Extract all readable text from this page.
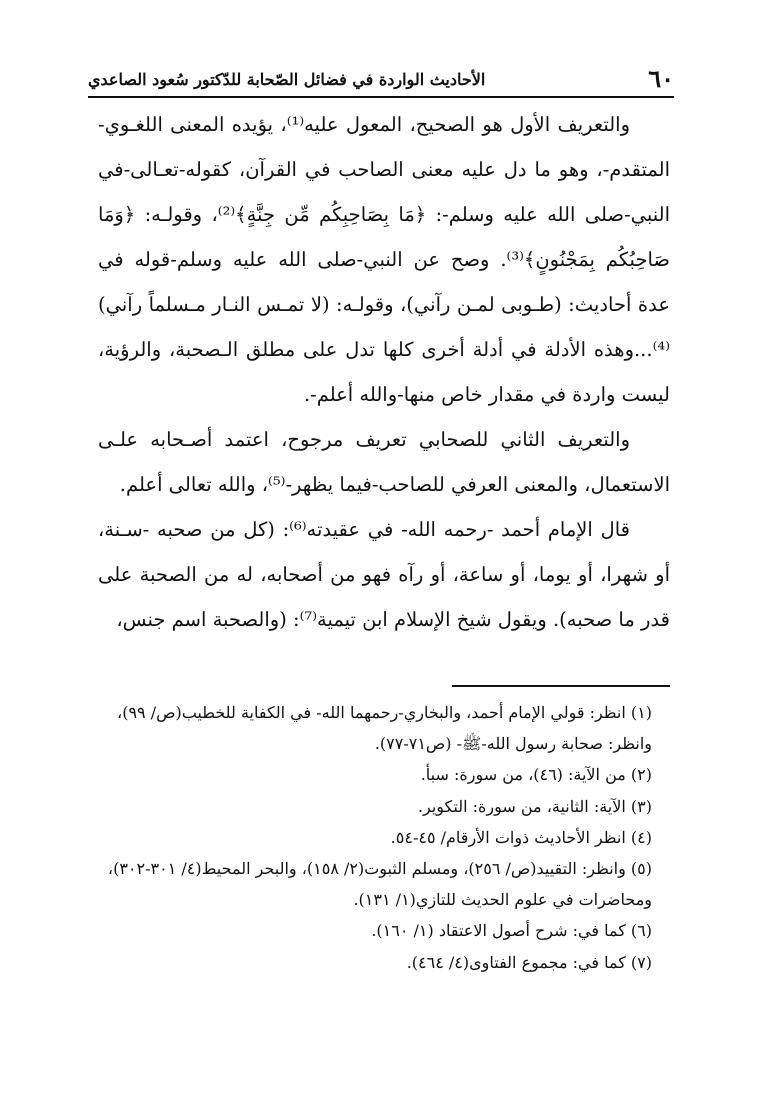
٦٠
الأحاديث الواردة في فضائل الصّحابة للدّكتور سُعود الصاعدي

والتعريف الأول هو الصحيح، المعول عليه⁽¹⁾، يؤيده المعنى اللغـوي- المتقدم-، وهو ما دل عليه معنى الصاحب في القرآن، كقوله-تعـالى-في النبي-صلى الله عليه وسلم-: ﴿مَا بِصَاحِبِكُم مِّن جِنَّةٍ﴾⁽²⁾، وقولـه: ﴿وَمَا صَاحِبُكُم بِمَجْنُونٍ﴾⁽³⁾. وصح عن النبي-صلى الله عليه وسلم-قوله في عدة أحاديث: (طـوبى لمـن رآني)، وقولـه: (لا تمـس النـار مـسلماً رآني)⁽⁴⁾...وهذه الأدلة في أدلة أخرى كلها تدل على مطلق الـصحبة، والرؤية، ليست واردة في مقدار خاص منها-والله أعلم-.

والتعريف الثاني للصحابي تعريف مرجوح، اعتمد أصـحابه علـى الاستعمال، والمعنى العرفي للصاحب-فيما يظهر-⁽⁵⁾، والله تعالى أعلم.

قال الإمام أحمد -رحمه الله- في عقيدته⁽⁶⁾: (كل من صحبه -سـنة، أو شهرا، أو يوما، أو ساعة، أو رآه فهو من أصحابه، له من الصحبة على قدر ما صحبه). ويقول شيخ الإسلام ابن تيمية⁽⁷⁾: (والصحبة اسم جنس،

(١) انظر: قولي الإمام أحمد، والبخاري-رحمهما الله- في الكفاية للخطيب(ص/ ٩٩)، وانظر: صحابة رسول الله-ﷺ- (ص٧١-٧٧).

(٢) من الآية: (٤٦)، من سورة: سبأ.

(٣) الآية: الثانية، من سورة: التكوير.

(٤) انظر الأحاديث ذوات الأرقام/ ٤٥-٥٤.

(٥) وانظر: التقييد(ص/ ٢٥٦)، ومسلم الثبوت(٢/ ١٥٨)، والبحر المحيط(٤/ ٣٠١-٣٠٢)، ومحاضرات في علوم الحديث للتازي(١/ ١٣١).

(٦) كما في: شرح أصول الاعتقاد (١/ ١٦٠).

(٧) كما في: مجموع الفتاوى(٤/ ٤٦٤).
